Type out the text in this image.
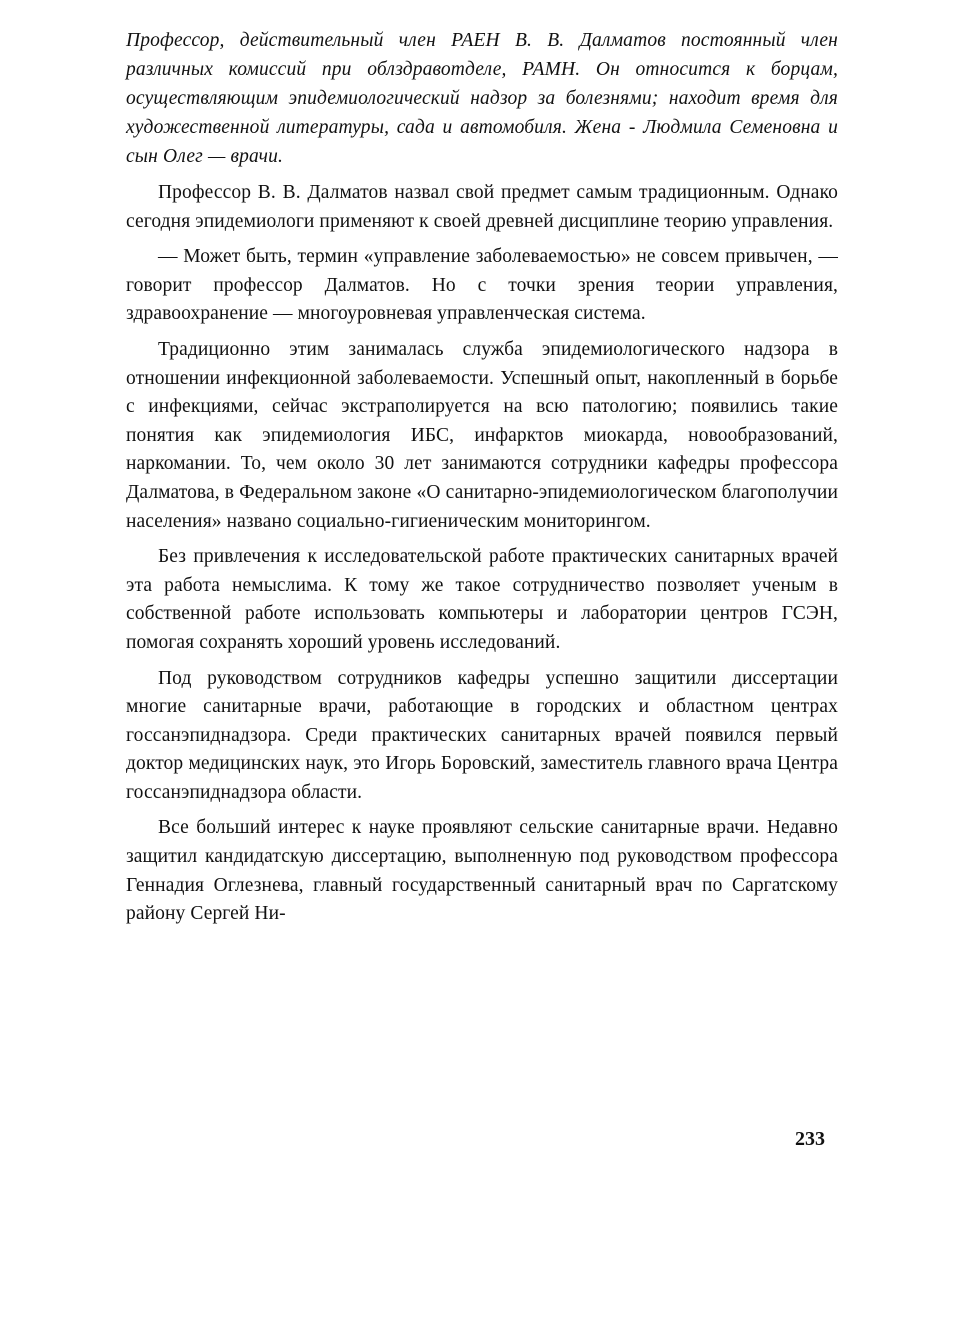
Профессор, действительный член РАЕН В. В. Далматов постоянный член различных комиссий при облздравотделе, РАМН. Он относится к борцам, осуществляющим эпидемиологический надзор за болезнями; находит время для художественной литературы, сада и автомобиля. Жена - Людмила Семеновна и сын Олег — врачи.

Профессор В. В. Далматов назвал свой предмет самым традиционным. Однако сегодня эпидемиологи применяют к своей древней дисциплине теорию управления.

— Может быть, термин «управление заболеваемостью» не совсем привычен, — говорит профессор Далматов. Но с точки зрения теории управления, здравоохранение — многоуровневая управленческая система.

Традиционно этим занималась служба эпидемиологического надзора в отношении инфекционной заболеваемости. Успешный опыт, накопленный в борьбе с инфекциями, сейчас экстраполируется на всю патологию; появились такие понятия как эпидемиология ИБС, инфарктов миокарда, новообразований, наркомании. То, чем около 30 лет занимаются сотрудники кафедры профессора Далматова, в Федеральном законе «О санитарно-эпидемиологическом благополучии населения» названо социально-гигиеническим мониторингом.

Без привлечения к исследовательской работе практических санитарных врачей эта работа немыслима. К тому же такое сотрудничество позволяет ученым в собственной работе использовать компьютеры и лаборатории центров ГСЭН, помогая сохранять хороший уровень исследований.

Под руководством сотрудников кафедры успешно защитили диссертации многие санитарные врачи, работающие в городских и областном центрах госсанэпиднадзора. Среди практических санитарных врачей появился первый доктор медицинских наук, это Игорь Боровский, заместитель главного врача Центра госсанэпиднадзора области.

Все больший интерес к науке проявляют сельские санитарные врачи. Недавно защитил кандидатскую диссертацию, выполненную под руководством профессора Геннадия Оглезнева, главный государственный санитарный врач по Саргатскому району Сергей Ни-

233
